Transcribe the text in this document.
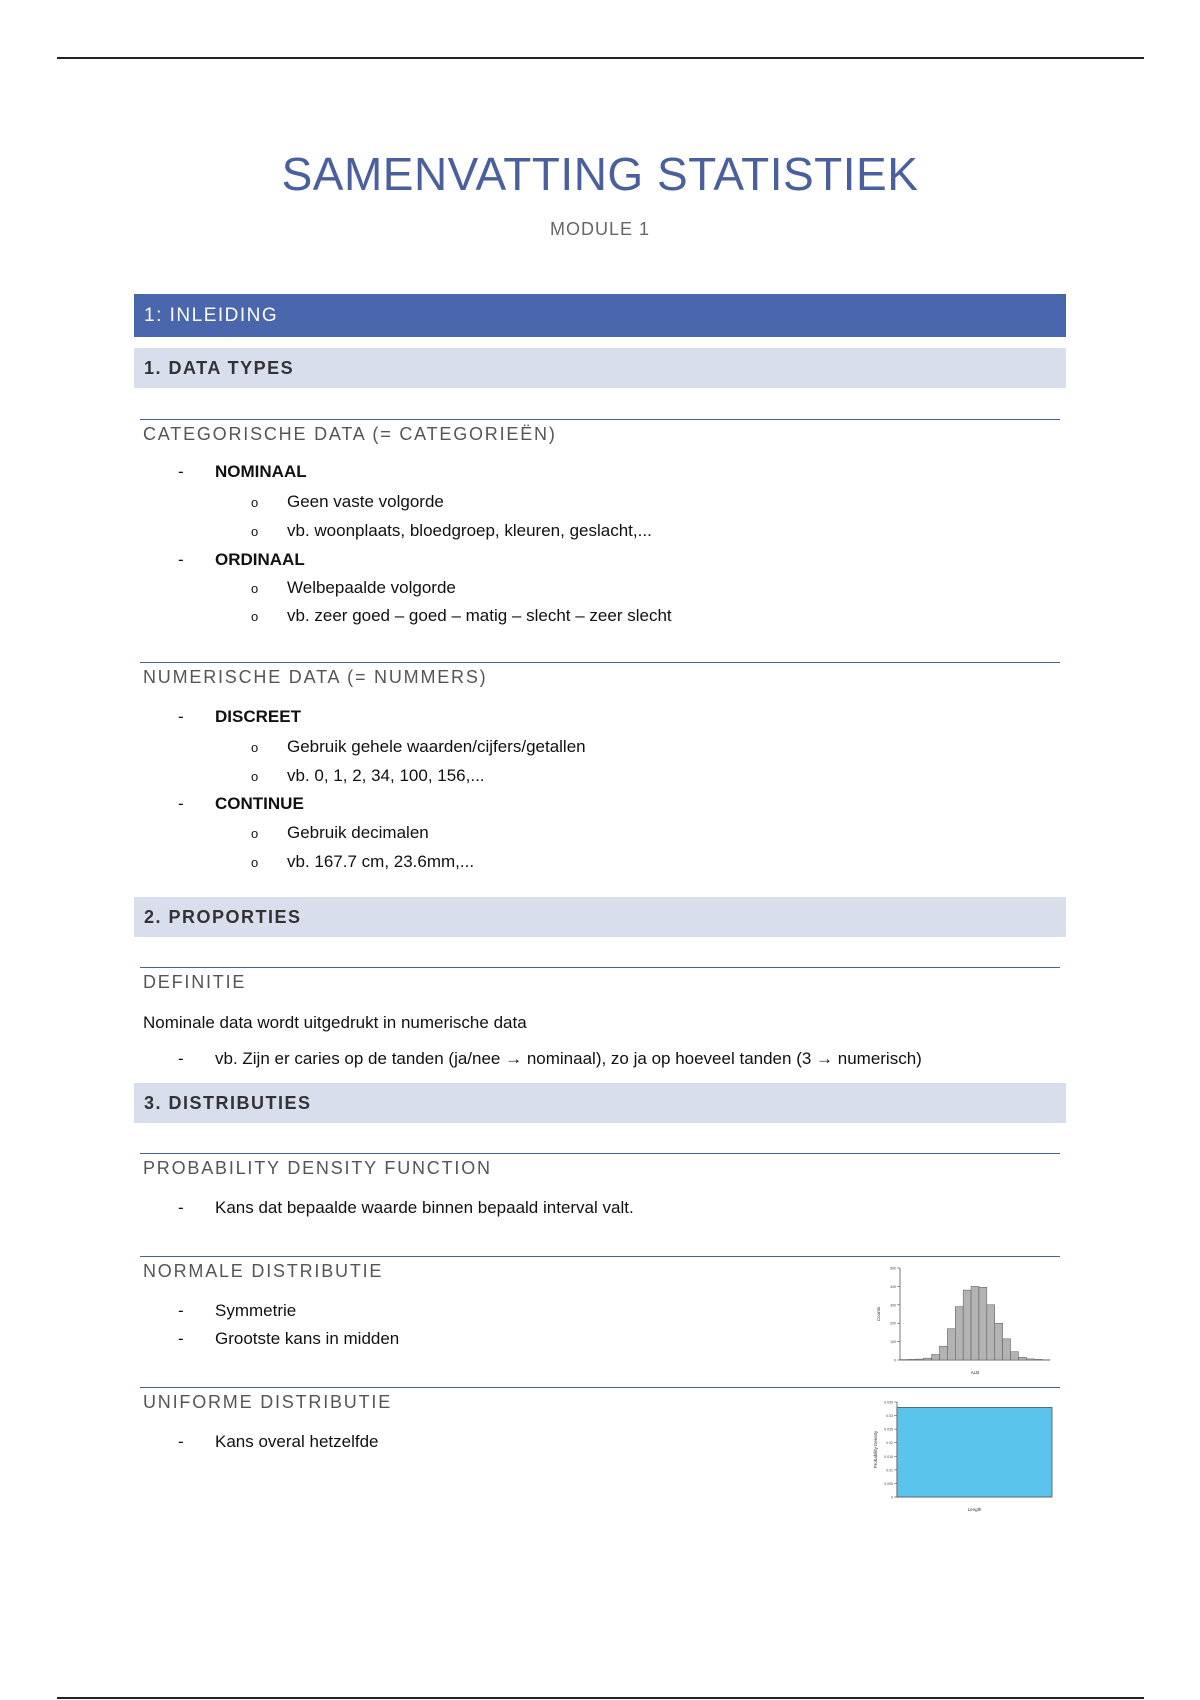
SAMENVATTING STATISTIEK
MODULE 1
1: INLEIDING
1. DATA TYPES
CATEGORISCHE DATA (= CATEGORIEËN)
- NOMINAAL
o Geen vaste volgorde
o vb. woonplaats, bloedgroep, kleuren, geslacht,...
- ORDINAAL
o Welbepaalde volgorde
o vb. zeer goed – goed – matig – slecht – zeer slecht
NUMERISCHE DATA (= NUMMERS)
- DISCREET
o Gebruik gehele waarden/cijfers/getallen
o vb. 0, 1, 2, 34, 100, 156,...
- CONTINUE
o Gebruik decimalen
o vb. 167.7 cm, 23.6mm,...
2. PROPORTIES
DEFINITIE
Nominale data wordt uitgedrukt in numerische data
- vb. Zijn er caries op de tanden (ja/nee → nominaal), zo ja op hoeveel tanden (3 → numerisch)
3. DISTRIBUTIES
PROBABILITY DENSITY FUNCTION
- Kans dat bepaalde waarde binnen bepaald interval valt.
NORMALE DISTRIBUTIE
- Symmetrie
- Grootste kans in midden
UNIFORME DISTRIBUTIE
- Kans overal hetzelfde
0
100
200
300
400
500
ALB
Counts
0
0.005
0.01
0.015
0.02
0.025
0.03
0.035
Length
Probability Density
